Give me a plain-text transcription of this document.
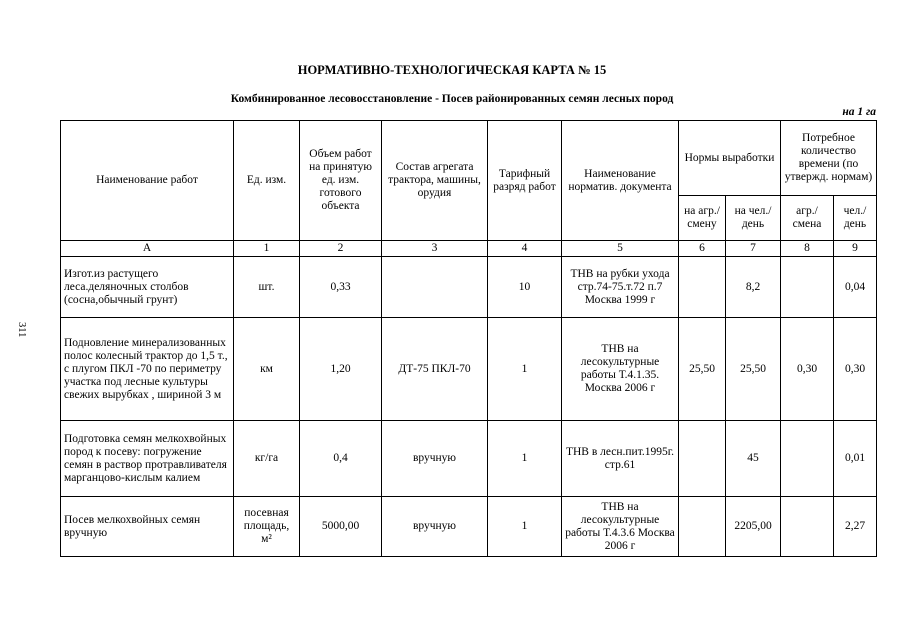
НОРМАТИВНО-ТЕХНОЛОГИЧЕСКАЯ КАРТА № 15
Комбинированное лесовосстановление - Посев районированных семян лесных пород
на 1 га
311
Наименование работ	Ед. изм.	Объем работ на принятую ед. изм. готового объекта	Состав агрегата трактора, машины, орудия	Тарифный разряд работ	Наименование норматив. документа	Нормы выработки		Потребное количество времени (по утвержд. нормам)	
						на агр./ смену	на чел./ день	агр./ смена	чел./ день
А	1	2	3	4	5	6	7	8	9
Изгот.из растущего леса.деляночных столбов (сосна,обычный грунт)	шт.	0,33		10	ТНВ на рубки ухода стр.74-75.т.72 п.7 Москва 1999 г		8,2		0,04
Подновление минерализованных полос колесный трактор до 1,5 т., с плугом ПКЛ -70 по периметру участка под лесные культуры свежих вырубках , шириной 3 м	км	1,20	ДТ-75 ПКЛ-70	1	ТНВ на лесокультурные работы Т.4.1.35. Москва 2006 г	25,50	25,50	0,30	0,30
Подготовка семян мелкохвойных пород к посеву: погружение семян в раствор протравливателя марганцово-кислым калием	кг/га	0,4	вручную	1	ТНВ в лесн.пит.1995г. стр.61		45		0,01
Посев мелкохвойных семян вручную	посевная площадь, м²	5000,00	вручную	1	ТНВ на лесокультурные работы Т.4.3.6 Москва 2006 г		2205,00		2,27
